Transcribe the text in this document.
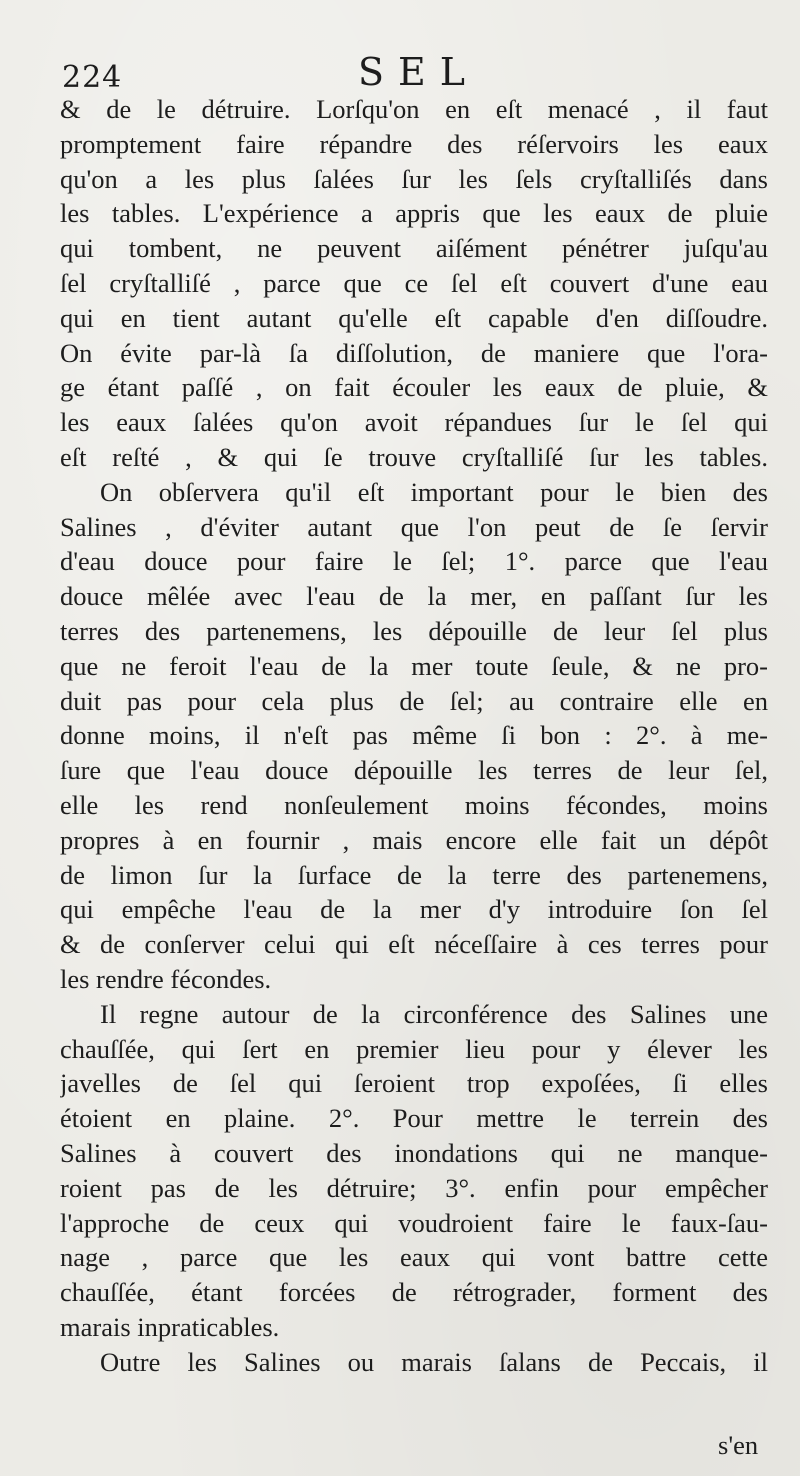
224	SEL
& de le détruire. Lorſqu'on en eſt menacé , il faut
promptement faire répandre des réſervoirs les eaux
qu'on a les plus ſalées ſur les ſels cryſtalliſés dans
les tables. L'expérience a appris que les eaux de pluie
qui tombent, ne peuvent aiſément pénétrer juſqu'au
ſel cryſtalliſé , parce que ce ſel eſt couvert d'une eau
qui en tient autant qu'elle eſt capable d'en diſſoudre.
On évite par-là ſa diſſolution, de maniere que l'ora-
ge étant paſſé , on fait écouler les eaux de pluie, &
les eaux ſalées qu'on avoit répandues ſur le ſel qui
eſt reſté , & qui ſe trouve cryſtalliſé ſur les tables.
On obſervera qu'il eſt important pour le bien des
Salines , d'éviter autant que l'on peut de ſe ſervir
d'eau douce pour faire le ſel; 1°. parce que l'eau
douce mêlée avec l'eau de la mer, en paſſant ſur les
terres des partenemens, les dépouille de leur ſel plus
que ne feroit l'eau de la mer toute ſeule, & ne pro-
duit pas pour cela plus de ſel; au contraire elle en
donne moins, il n'eſt pas même ſi bon : 2°. à me-
ſure que l'eau douce dépouille les terres de leur ſel,
elle les rend nonſeulement moins fécondes, moins
propres à en fournir , mais encore elle fait un dépôt
de limon ſur la ſurface de la terre des partenemens,
qui empêche l'eau de la mer d'y introduire ſon ſel
& de conſerver celui qui eſt néceſſaire à ces terres pour
les rendre fécondes.
Il regne autour de la circonférence des Salines une
chauſſée, qui ſert en premier lieu pour y élever les
javelles de ſel qui ſeroient trop expoſées, ſi elles
étoient en plaine. 2°. Pour mettre le terrein des
Salines à couvert des inondations qui ne manque-
roient pas de les détruire; 3°. enfin pour empêcher
l'approche de ceux qui voudroient faire le faux-ſau-
nage , parce que les eaux qui vont battre cette
chauſſée, étant forcées de rétrograder, forment des
marais inpraticables.
Outre les Salines ou marais ſalans de Peccais, il
s'en
